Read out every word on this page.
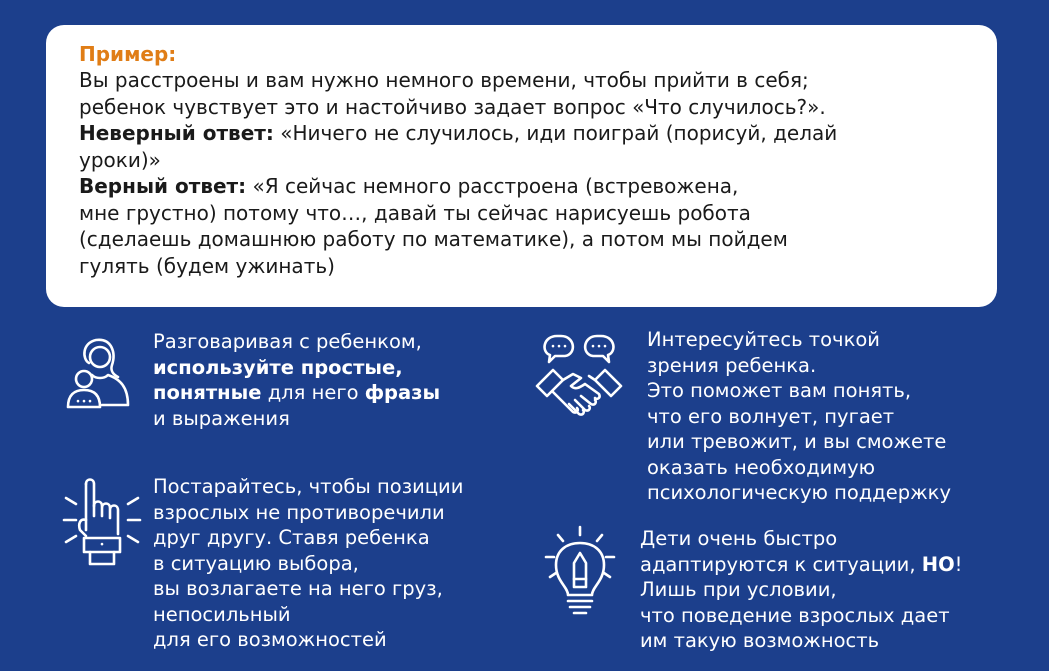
Пример:

Вы расстроены и вам нужно немного времени, чтобы прийти в себя;
ребенок чувствует это и настойчиво задает вопрос «Что случилось?».

Неверный ответ: «Ничего не случилось, иди поиграй (порисуй, делай
уроки)»

Верный ответ: «Я сейчас немного расстроена (встревожена,
мне грустно) потому что…, давай ты сейчас нарисуешь робота
(сделаешь домашнюю работу по математике), а потом мы пойдем
гулять (будем ужинать)

Разговаривая с ребенком,
используйте простые,
понятные для него фразы
и выражения

Интересуйтесь точкой
зрения ребенка.
Это поможет вам понять,
что его волнует, пугает
или тревожит, и вы сможете
оказать необходимую
психологическую поддержку

Постарайтесь, чтобы позиции
взрослых не противоречили
друг другу. Ставя ребенка
в ситуацию выбора,
вы возлагаете на него груз,
непосильный
для его возможностей

Дети очень быстро
адаптируются к ситуации, НО!
Лишь при условии,
что поведение взрослых дает
им такую возможность
